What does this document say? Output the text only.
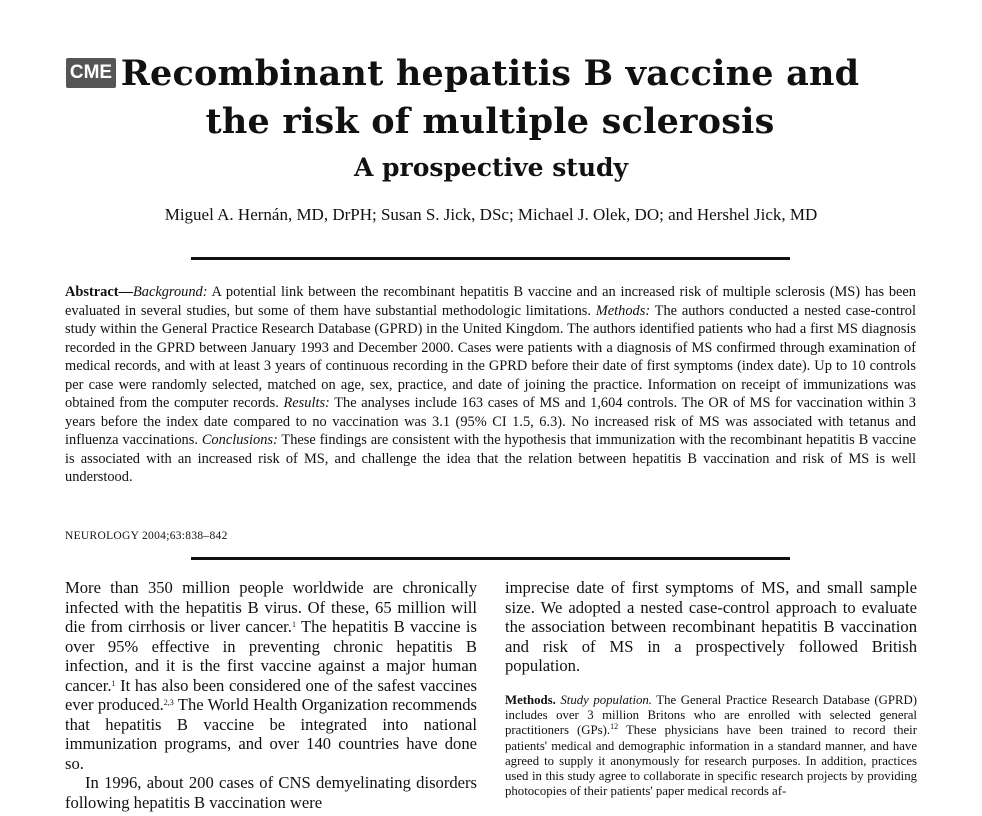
CME Recombinant hepatitis B vaccine and
the risk of multiple sclerosis
A prospective study
Miguel A. Hernán, MD, DrPH; Susan S. Jick, DSc; Michael J. Olek, DO; and Hershel Jick, MD

Abstract—Background: A potential link between the recombinant hepatitis B vaccine and an increased risk of multiple sclerosis (MS) has been evaluated in several studies, but some of them have substantial methodologic limitations. Methods: The authors conducted a nested case-control study within the General Practice Research Database (GPRD) in the United Kingdom. The authors identified patients who had a first MS diagnosis recorded in the GPRD between January 1993 and December 2000. Cases were patients with a diagnosis of MS confirmed through examination of medical records, and with at least 3 years of continuous recording in the GPRD before their date of first symptoms (index date). Up to 10 controls per case were randomly selected, matched on age, sex, practice, and date of joining the practice. Information on receipt of immunizations was obtained from the computer records. Results: The analyses include 163 cases of MS and 1,604 controls. The OR of MS for vaccination within 3 years before the index date compared to no vaccination was 3.1 (95% CI 1.5, 6.3). No increased risk of MS was associated with tetanus and influenza vaccinations. Conclusions: These findings are consistent with the hypothesis that immunization with the recombinant hepatitis B vaccine is associated with an increased risk of MS, and challenge the idea that the relation between hepatitis B vaccination and risk of MS is well understood.

NEUROLOGY 2004;63:838–842

More than 350 million people worldwide are chronically infected with the hepatitis B virus. Of these, 65 million will die from cirrhosis or liver cancer.$^1$ The hepatitis B vaccine is over 95% effective in preventing chronic hepatitis B infection, and it is the first vaccine against a major human cancer.$^1$ It has also been considered one of the safest vaccines ever produced.$^{2,3}$ The World Health Organization recommends that hepatitis B vaccine be integrated into national immunization programs, and over 140 countries have done so.

In 1996, about 200 cases of CNS demyelinating disorders following hepatitis B vaccination were

imprecise date of first symptoms of MS, and small sample size. We adopted a nested case-control approach to evaluate the association between recombinant hepatitis B vaccination and risk of MS in a prospectively followed British population.

Methods. Study population. The General Practice Research Database (GPRD) includes over 3 million Britons who are enrolled with selected general practitioners (GPs).$^{12}$ These physicians have been trained to record their patients' medical and demographic information in a standard manner, and have agreed to supply it anonymously for research purposes. In addition, practices used in this study agree to collaborate in specific research projects by providing photocopies of their patients' paper medical records af-
